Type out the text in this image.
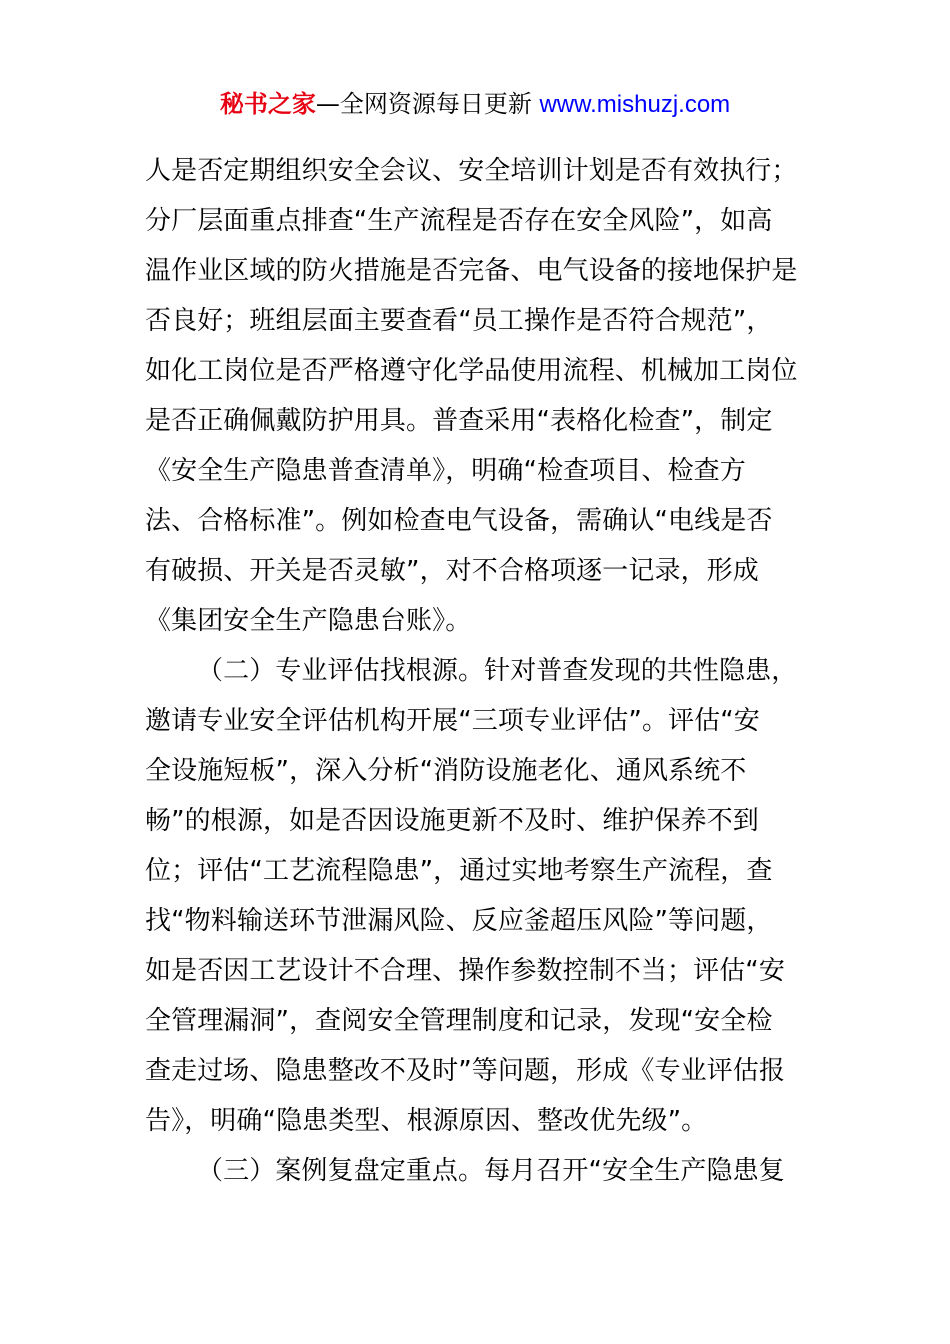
秘书之家—全网资源每日更新 www.mishuzj.com
人是否定期组织安全会议、安全培训计划是否有效执行；
分厂层面重点排查“生产流程是否存在安全风险”，如高
温作业区域的防火措施是否完备、电气设备的接地保护是
否良好；班组层面主要查看“员工操作是否符合规范”，
如化工岗位是否严格遵守化学品使用流程、机械加工岗位
是否正确佩戴防护用具。普查采用“表格化检查”，制定
《安全生产隐患普查清单》，明确“检查项目、检查方
法、合格标准”。例如检查电气设备，需确认“电线是否
有破损、开关是否灵敏”，对不合格项逐一记录，形成
《集团安全生产隐患台账》。
（二）专业评估找根源。针对普查发现的共性隐患，
邀请专业安全评估机构开展“三项专业评估”。评估“安
全设施短板”，深入分析“消防设施老化、通风系统不
畅”的根源，如是否因设施更新不及时、维护保养不到
位；评估“工艺流程隐患”，通过实地考察生产流程，查
找“物料输送环节泄漏风险、反应釜超压风险”等问题，
如是否因工艺设计不合理、操作参数控制不当；评估“安
全管理漏洞”，查阅安全管理制度和记录，发现“安全检
查走过场、隐患整改不及时”等问题，形成《专业评估报
告》，明确“隐患类型、根源原因、整改优先级”。
（三）案例复盘定重点。每月召开“安全生产隐患复
